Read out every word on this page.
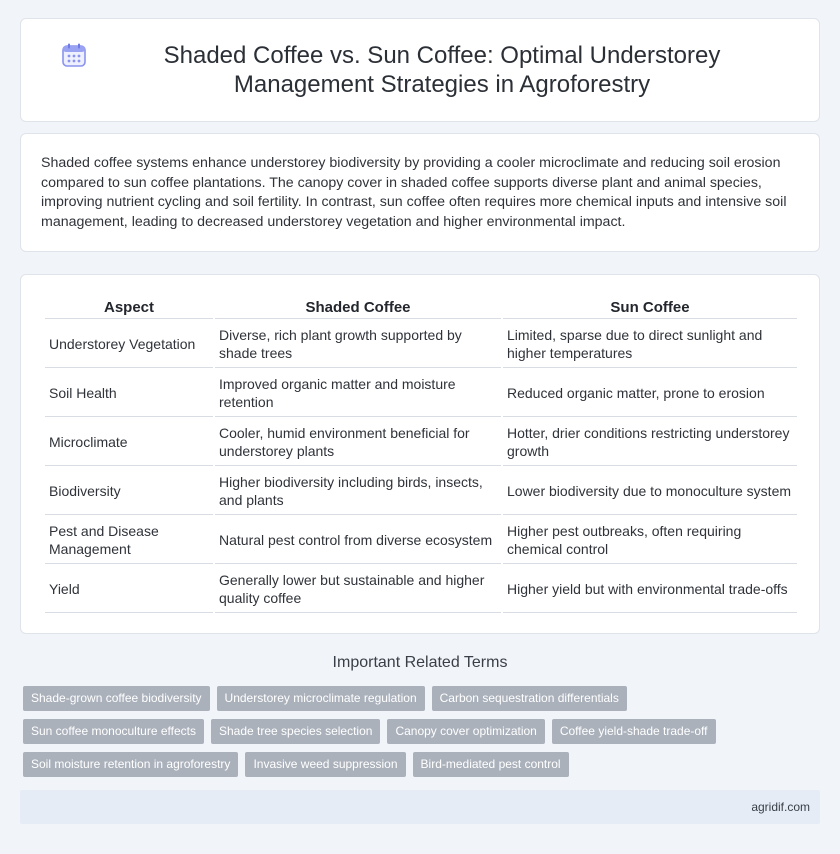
Shaded Coffee vs. Sun Coffee: Optimal Understorey Management Strategies in Agroforestry

Shaded coffee systems enhance understorey biodiversity by providing a cooler microclimate and reducing soil erosion compared to sun coffee plantations. The canopy cover in shaded coffee supports diverse plant and animal species, improving nutrient cycling and soil fertility. In contrast, sun coffee often requires more chemical inputs and intensive soil management, leading to decreased understorey vegetation and higher environmental impact.

Aspect	Shaded Coffee	Sun Coffee
Understorey Vegetation	Diverse, rich plant growth supported by shade trees	Limited, sparse due to direct sunlight and higher temperatures
Soil Health	Improved organic matter and moisture retention	Reduced organic matter, prone to erosion
Microclimate	Cooler, humid environment beneficial for understorey plants	Hotter, drier conditions restricting understorey growth
Biodiversity	Higher biodiversity including birds, insects, and plants	Lower biodiversity due to monoculture system
Pest and Disease Management	Natural pest control from diverse ecosystem	Higher pest outbreaks, often requiring chemical control
Yield	Generally lower but sustainable and higher quality coffee	Higher yield but with environmental trade-offs
Important Related Terms
Shade-grown coffee biodiversity	Understorey microclimate regulation	Carbon sequestration differentials
Sun coffee monoculture effects	Shade tree species selection	Canopy cover optimization	Coffee yield-shade trade-off
Soil moisture retention in agroforestry	Invasive weed suppression	Bird-mediated pest control
agridif.com
